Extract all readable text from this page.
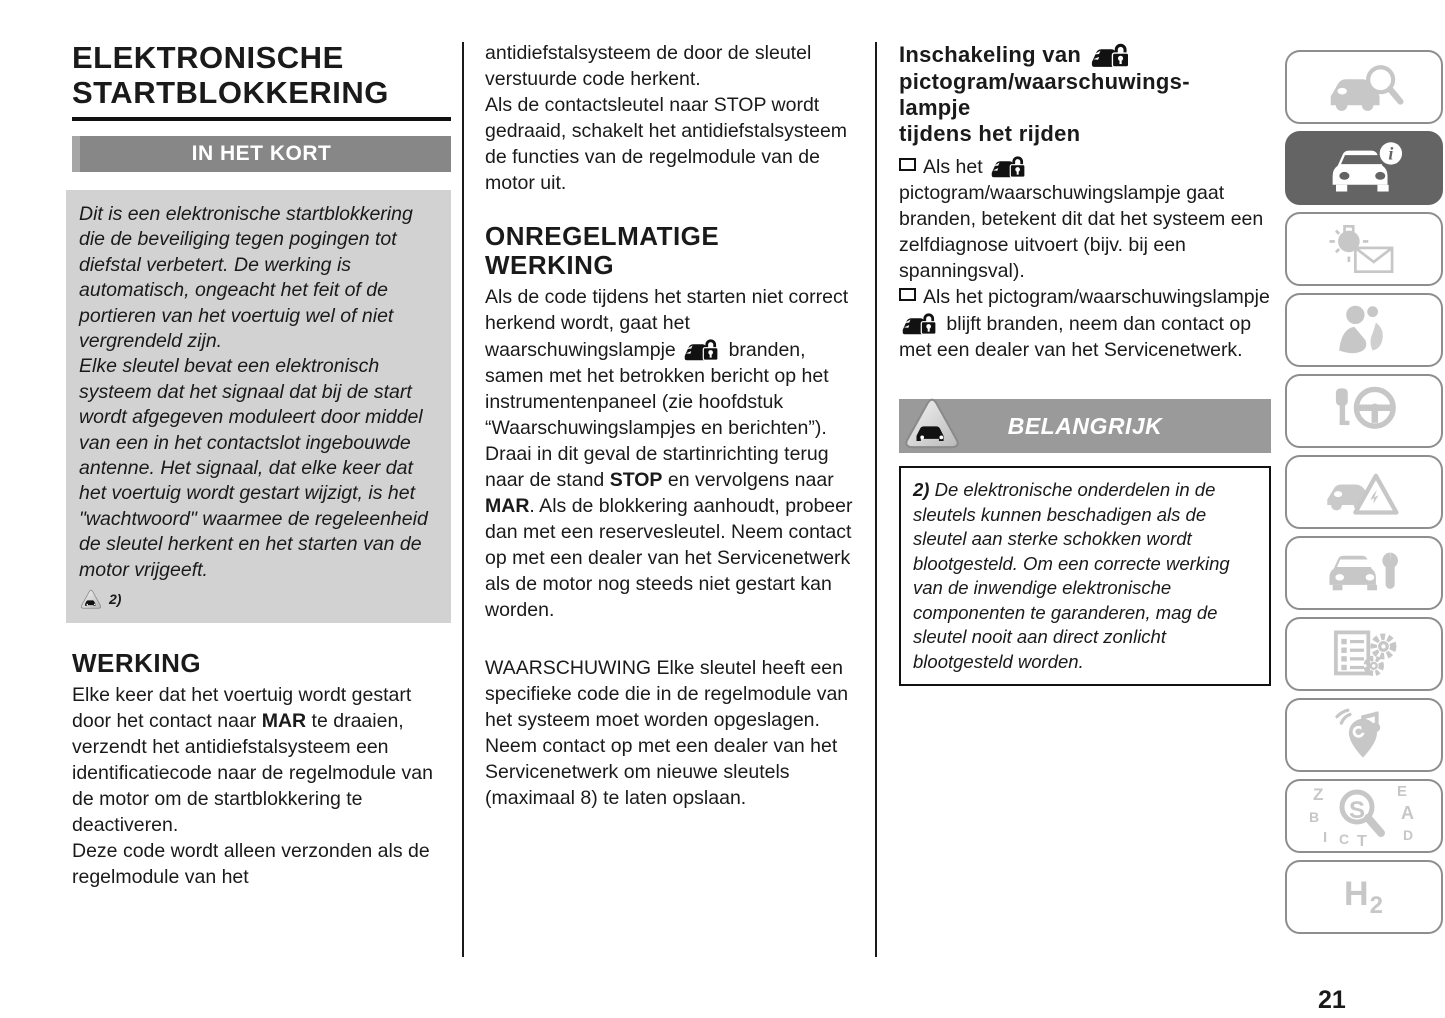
ELEKTRONISCHE
STARTBLOKKERING
IN HET KORT

Dit is een elektronische startblokkering die de beveiliging tegen pogingen tot diefstal verbetert. De werking is automatisch, ongeacht het feit of de portieren van het voertuig wel of niet vergrendeld zijn.

Elke sleutel bevat een elektronisch systeem dat het signaal dat bij de start wordt afgegeven moduleert door middel van een in het contactslot ingebouwde antenne. Het signaal, dat elke keer dat het voertuig wordt gestart wijzigt, is het "wachtwoord" waarmee de regeleenheid de sleutel herkent en het starten van de motor vrijgeeft.

2)
WERKING

Elke keer dat het voertuig wordt gestart door het contact naar MAR te draaien, verzendt het antidiefstalsysteem een identificatiecode naar de regelmodule van de motor om de startblokkering te deactiveren.
Deze code wordt alleen verzonden als de regelmodule van het

antidiefstalsysteem de door de sleutel verstuurde code herkent.
Als de contactsleutel naar STOP wordt gedraaid, schakelt het antidiefstalsysteem de functies van de regelmodule van de motor uit.

ONREGELMATIGE
WERKING

Als de code tijdens het starten niet correct herkend wordt, gaat het waarschuwingslampje  branden, samen met het betrokken bericht op het instrumentenpaneel (zie hoofdstuk “Waarschuwingslampjes en berichten”). Draai in dit geval de startinrichting terug naar de stand STOP en vervolgens naar MAR. Als de blokkering aanhoudt, probeer dan met een reservesleutel. Neem contact op met een dealer van het Servicenetwerk als de motor nog steeds niet gestart kan worden.

WAARSCHUWING Elke sleutel heeft een specifieke code die in de regelmodule van het systeem moet worden opgeslagen. Neem contact op met een dealer van het Servicenetwerk om nieuwe sleutels (maximaal 8) te laten opslaan.

Inschakeling van
pictogram/waarschuwings-
lampje
tijdens het rijden

Als het  pictogram/waarschuwingslampje gaat branden, betekent dit dat het systeem een zelfdiagnose uitvoert (bijv. bij een spanningsval).

Als het pictogram/waarschuwingslampje  blijft branden, neem dan contact op met een dealer van het Servicenetwerk.

BELANGRIJK
2) De elektronische onderdelen in de sleutels kunnen beschadigen als de sleutel aan sterke schokken wordt blootgesteld. Om een correcte werking van de inwendige elektronische componenten te garanderen, mag de sleutel nooit aan direct zonlicht blootgesteld worden.
i
Z	E
B	A
I C T	D
S
$H_2$
21
